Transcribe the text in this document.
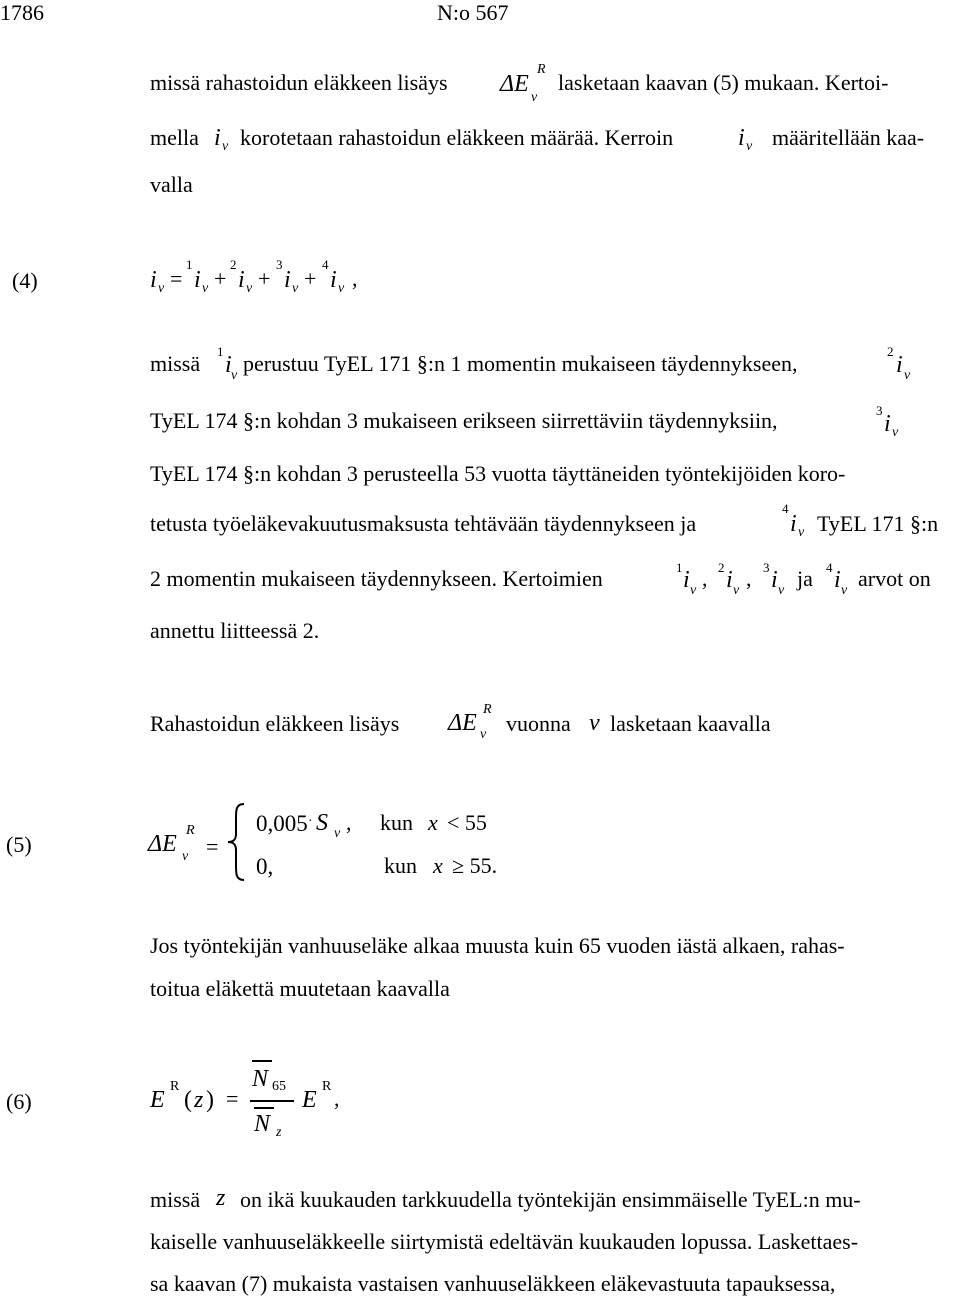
1786	N:o 567
missä rahastoidun eläkkeen lisäys ΔE
v
R
lasketaan kaavan (5) mukaan. Kertoi-
mella i v korotetaan rahastoidun eläkkeen määrää. Kerroin	i v määritellään kaa-
valla
(4)	i v =
1
i v +
2
i v +
3
i v +
4
i v ,
missä 1
i v perustuu TyEL 171 §:n 1 momentin mukaiseen täydennykseen,	2
i v
TyEL 174 §:n kohdan 3 mukaiseen erikseen siirrettäviin täydennyksiin,	3
i v
TyEL 174 §:n kohdan 3 perusteella 53 vuotta täyttäneiden työntekijöiden koro-
tetusta työeläkevakuutusmaksusta tehtävään täydennykseen ja
4
i v TyEL 171 §:n
2 momentin mukaiseen täydennykseen. Kertoimien	1 i v , 2 i v , 3 i v ja 4 i v arvot on
annettu liitteessä 2.
Rahastoidun eläkkeen lisäys ΔE v
R
vuonna v lasketaan kaavalla
(5)	ΔE v
R
=
0,005 · S v , kun x < 55
0,	kun x ≥ 55.
Jos työntekijän vanhuuseläke alkaa muusta kuin 65 vuoden iästä alkaen, rahas-
toitua eläkettä muutetaan kaavalla
(6)	E
R
( z ) =
N 65
N z
E
R ,
missä z on ikä kuukauden tarkkuudella työntekijän ensimmäiselle TyEL:n mu-
kaiselle vanhuuseläkkeelle siirtymistä edeltävän kuukauden lopussa. Laskettaes-
sa kaavan (7) mukaista vastaisen vanhuuseläkkeen eläkevastuuta tapauksessa,
